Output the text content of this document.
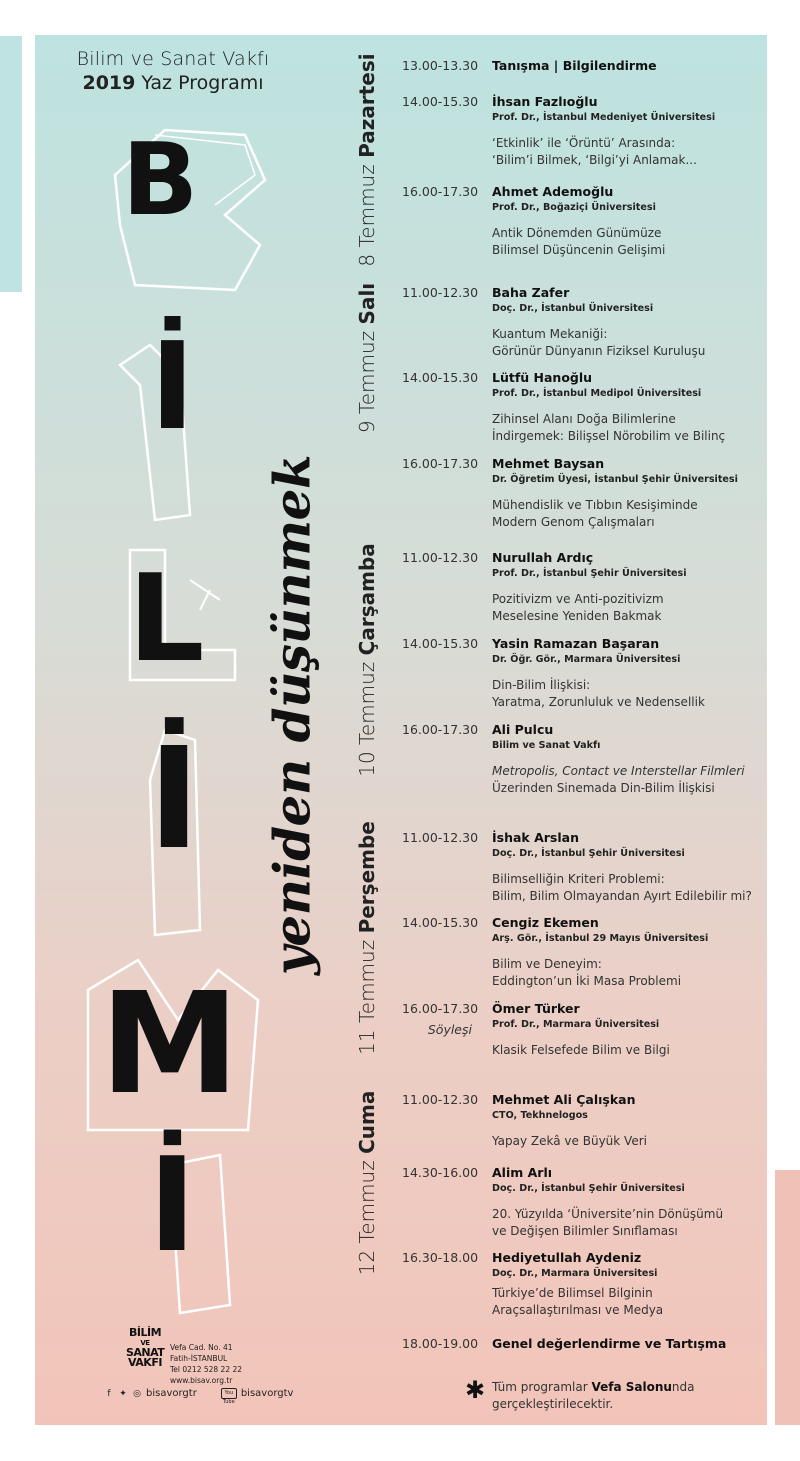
Bilim ve Sanat Vakfı
2019 Yaz Programı
B
İ
L
İ
M
İ
yeniden düşünmek
8 Temmuz Pazartesi
9 Temmuz Salı
10 Temmuz Çarşamba
11 Temmuz Perşembe
12 Temmuz Cuma
13.00-13.30 Tanışma | Bilgilendirme
14.00-15.30 İhsan Fazlıoğlu
Prof. Dr., İstanbul Medeniyet Üniversitesi
‘Etkinlik’ ile ‘Örüntü’ Arasında:
‘Bilim’i Bilmek, ‘Bilgi’yi Anlamak...
16.00-17.30 Ahmet Ademoğlu
Prof. Dr., Boğaziçi Üniversitesi
Antik Dönemden Günümüze
Bilimsel Düşüncenin Gelişimi
11.00-12.30 Baha Zafer
Doç. Dr., İstanbul Üniversitesi
Kuantum Mekaniği:
Görünür Dünyanın Fiziksel Kuruluşu
14.00-15.30 Lütfü Hanoğlu
Prof. Dr., İstanbul Medipol Üniversitesi
Zihinsel Alanı Doğa Bilimlerine
İndirgemek: Bilişsel Nörobilim ve Bilinç
16.00-17.30 Mehmet Baysan
Dr. Öğretim Üyesi, İstanbul Şehir Üniversitesi
Mühendislik ve Tıbbın Kesişiminde
Modern Genom Çalışmaları
11.00-12.30 Nurullah Ardıç
Prof. Dr., İstanbul Şehir Üniversitesi
Pozitivizm ve Anti-pozitivizm
Meselesine Yeniden Bakmak
14.00-15.30 Yasin Ramazan Başaran
Dr. Öğr. Gör., Marmara Üniversitesi
Din-Bilim İlişkisi:
Yaratma, Zorunluluk ve Nedensellik
16.00-17.30 Ali Pulcu
Bilim ve Sanat Vakfı
Metropolis, Contact ve Interstellar Filmleri
Üzerinden Sinemada Din-Bilim İlişkisi
11.00-12.30 İshak Arslan
Doç. Dr., İstanbul Şehir Üniversitesi
Bilimselliğin Kriteri Problemi:
Bilim, Bilim Olmayandan Ayırt Edilebilir mi?
14.00-15.30 Cengiz Ekemen
Arş. Gör., İstanbul 29 Mayıs Üniversitesi
Bilim ve Deneyim:
Eddington’un İki Masa Problemi
16.00-17.30
Söyleşi
Ömer Türker
Prof. Dr., Marmara Üniversitesi
Klasik Felsefede Bilim ve Bilgi
11.00-12.30 Mehmet Ali Çalışkan
CTO, Tekhnelogos
Yapay Zekâ ve Büyük Veri
14.30-16.00 Alim Arlı
Doç. Dr., İstanbul Şehir Üniversitesi
20. Yüzyılda ‘Üniversite’nin Dönüşümü
ve Değişen Bilimler Sınıflaması
16.30-18.00 Hediyetullah Aydeniz
Doç. Dr., Marmara Üniversitesi
Türkiye’de Bilimsel Bilginin
Araçsallaştırılması ve Medya
18.00-19.00 Genel değerlendirme ve Tartışma
✱ Tüm programlar Vefa Salonunda gerçekleştirilecektir.
BİLİM
VE
SANAT
VAKFI
Vefa Cad. No. 41
Fatih-İSTANBUL
Tel 0212 528 22 22
www.bisav.org.tr
f ✦ ◎ bisavorgtr	You Tube
bisavorgtv
